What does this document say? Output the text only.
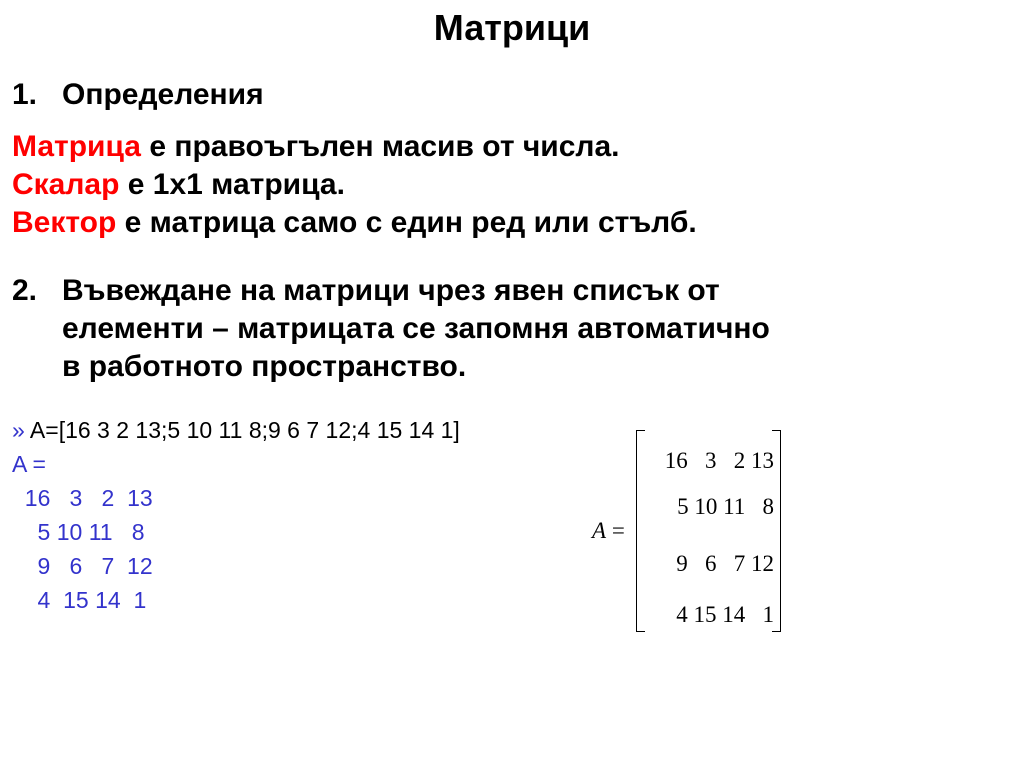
Матрици
1. Определения
Матрица е правоъгълен масив от числа.
Скалар е 1x1 матрица.
Вектор е матрица само с един ред или стълб.
2. Въвеждане на матрици чрез явен списък от
елементи – матрицата се запомня автоматично
в работното пространство.
» A=[16 3 2 13;5 10 11 8;9 6 7 12;4 15 14 1]
A =
16   3   2  13
5 10 11   8
9   6   7  12
4  15 14  1
A =
16   3   2 13
5 10 11   8
9   6   7 12
4 15 14   1
